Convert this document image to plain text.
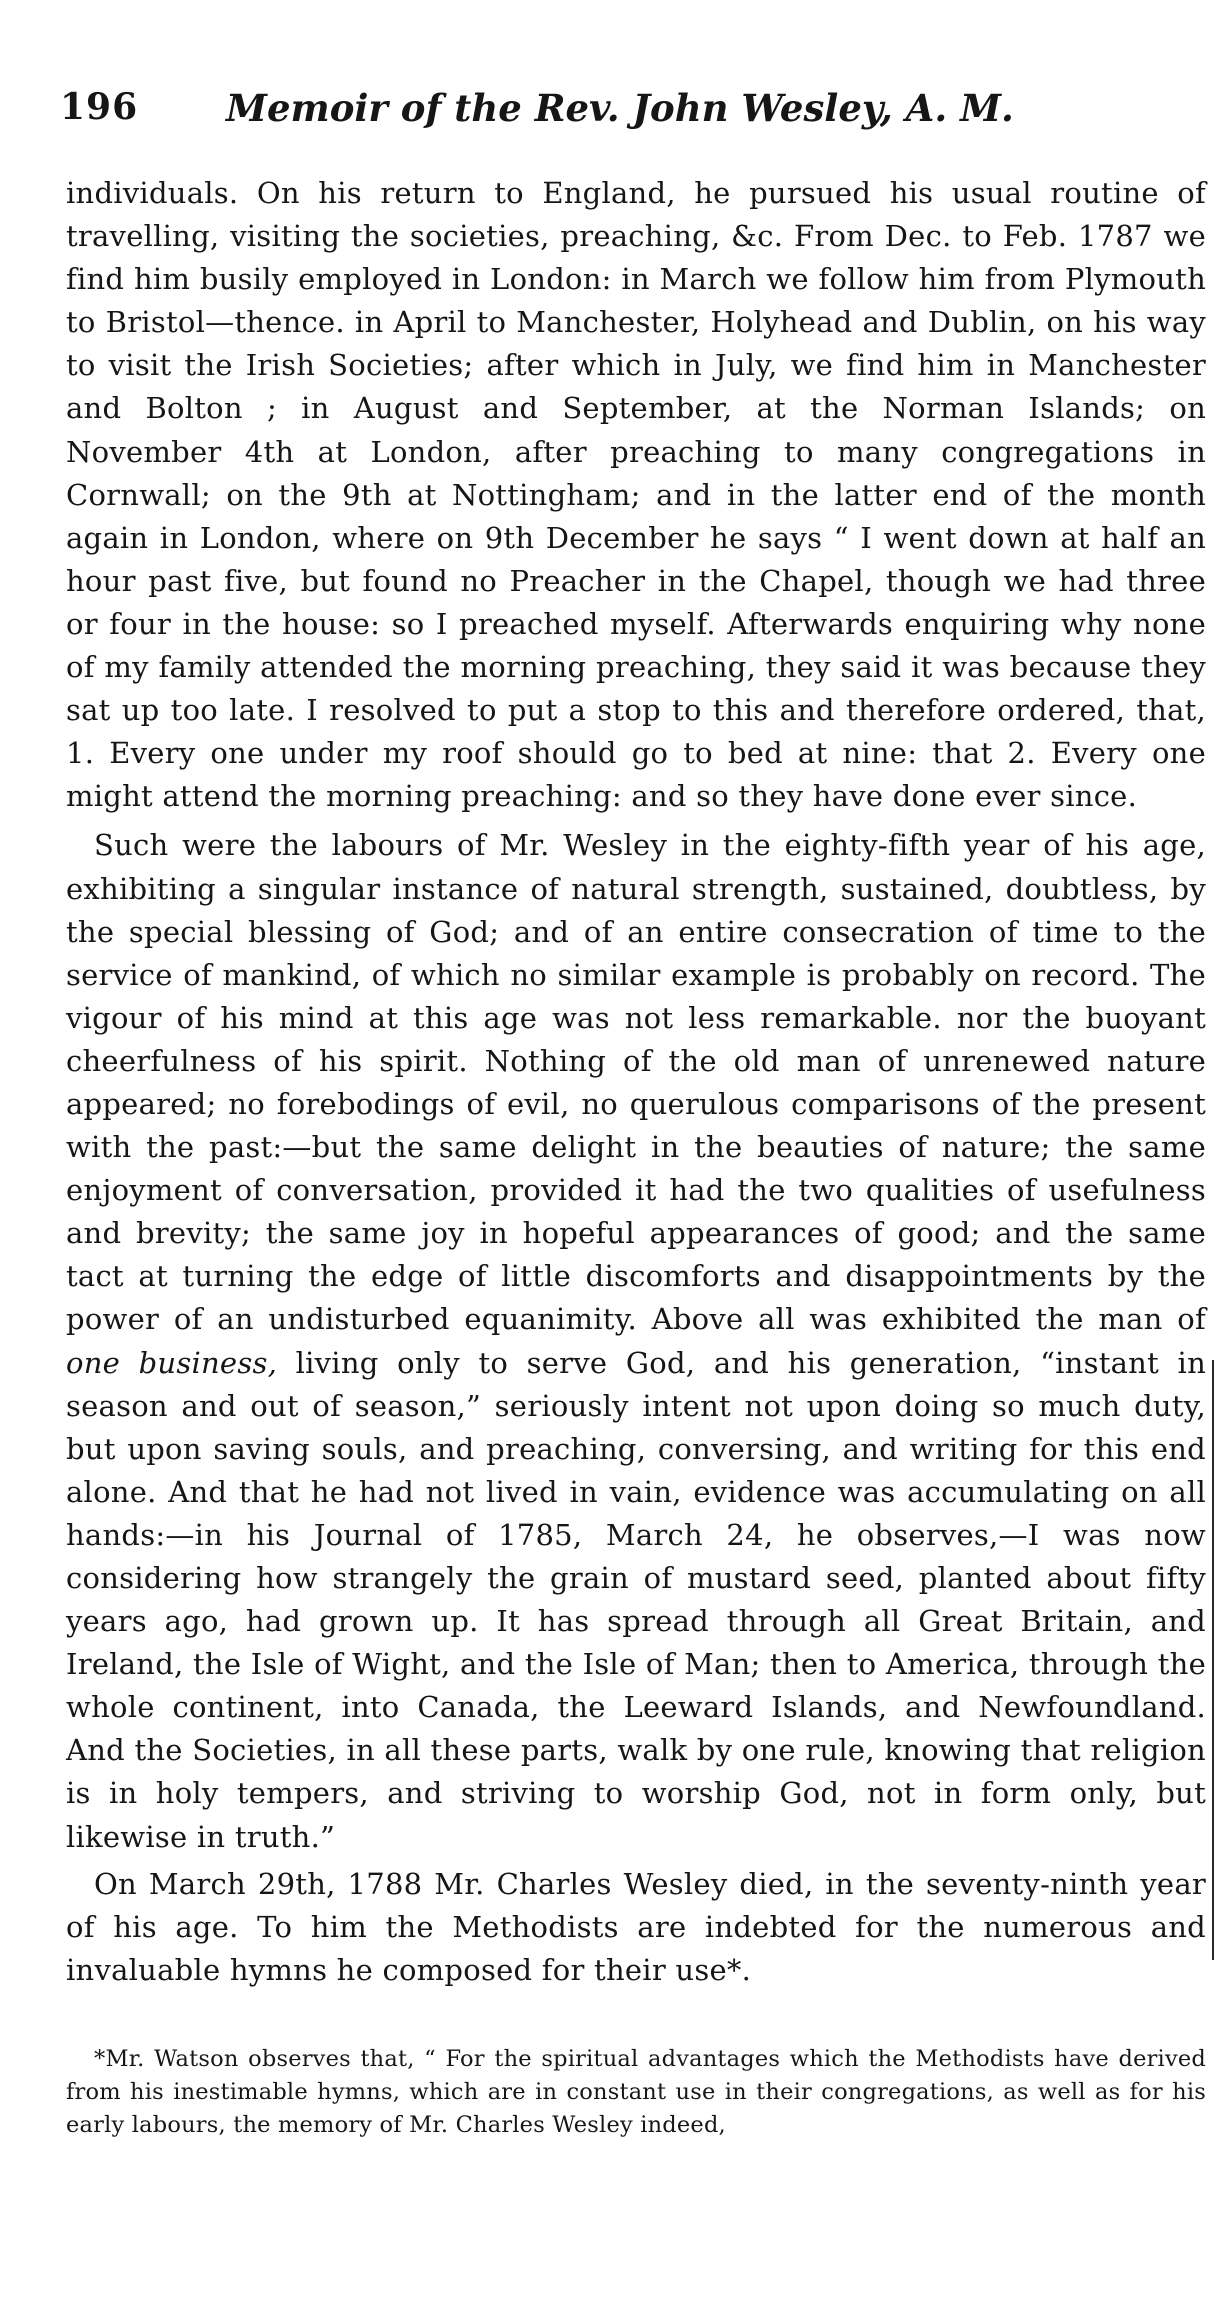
196	Memoir of the Rev. John Wesley, A. M.

individuals. On his return to England, he pursued his usual routine of travelling, visiting the societies, preaching, &c. From Dec. to Feb. 1787 we find him busily employed in London: in March we follow him from Plymouth to Bristol—thence. in April to Manchester, Holyhead and Dublin, on his way to visit the Irish Societies; after which in July, we find him in Manchester and Bolton ; in August and September, at the Norman Islands; on November 4th at London, after preaching to many congregations in Cornwall; on the 9th at Nottingham; and in the latter end of the month again in London, where on 9th December he says “ I went down at half an hour past five, but found no Preacher in the Chapel, though we had three or four in the house: so I preached myself. Afterwards enquiring why none of my family attended the morning preaching, they said it was because they sat up too late. I resolved to put a stop to this and therefore ordered, that, 1. Every one under my roof should go to bed at nine: that 2. Every one might attend the morning preaching: and so they have done ever since.

Such were the labours of Mr. Wesley in the eighty-fifth year of his age, exhibiting a singular instance of natural strength, sustained, doubtless, by the special blessing of God; and of an entire consecration of time to the service of mankind, of which no similar example is probably on record. The vigour of his mind at this age was not less remarkable. nor the buoyant cheerfulness of his spirit. Nothing of the old man of unrenewed nature appeared; no forebodings of evil, no querulous comparisons of the present with the past:—but the same delight in the beauties of nature; the same enjoyment of conversation, provided it had the two qualities of usefulness and brevity; the same joy in hopeful appearances of good; and the same tact at turning the edge of little discomforts and disappointments by the power of an undisturbed equanimity. Above all was exhibited the man of one business, living only to serve God, and his generation, “instant in season and out of season,” seriously intent not upon doing so much duty, but upon saving souls, and preaching, conversing, and writing for this end alone. And that he had not lived in vain, evidence was accumulating on all hands:—in his Journal of 1785, March 24, he observes,—I was now considering how strangely the grain of mustard seed, planted about fifty years ago, had grown up. It has spread through all Great Britain, and Ireland, the Isle of Wight, and the Isle of Man; then to America, through the whole continent, into Canada, the Leeward Islands, and Newfoundland. And the Societies, in all these parts, walk by one rule, knowing that religion is in holy tempers, and striving to worship God, not in form only, but likewise in truth.”

On March 29th, 1788 Mr. Charles Wesley died, in the seventy-ninth year of his age. To him the Methodists are indebted for the numerous and invaluable hymns he composed for their use*.

*Mr. Watson observes that, “ For the spiritual advantages which the Methodists have derived from his inestimable hymns, which are in constant use in their congregations, as well as for his early labours, the memory of Mr. Charles Wesley indeed,
